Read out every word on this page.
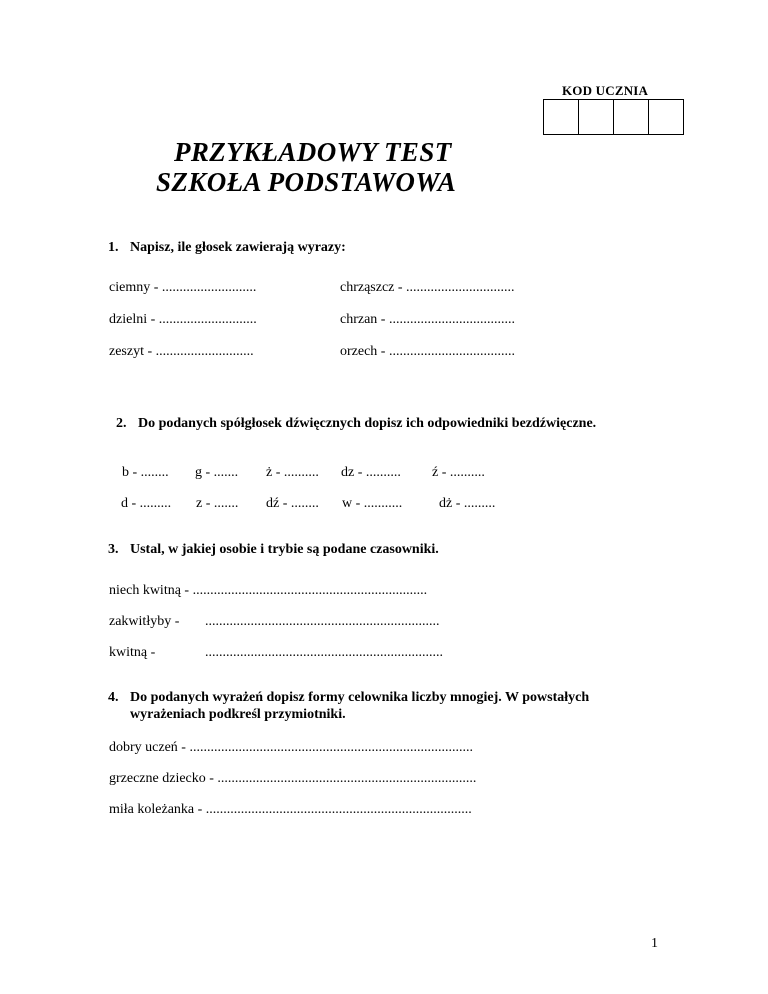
KOD UCZNIA
PRZYKŁADOWY TEST
SZKOŁA PODSTAWOWA
1. Napisz, ile głosek zawierają wyrazy:
ciemny - ...........................	chrząszcz - ...............................
dzielni - ............................	chrzan - ....................................
zeszyt - ............................	orzech - ....................................
2. Do podanych spółgłosek dźwięcznych dopisz ich odpowiedniki bezdźwięczne.
b - ........ g - ....... ż - .......... dz - .......... ź - ..........
d - ......... z - ....... dź - ........ w - ...........	dż - .........
3. Ustal, w jakiej osobie i trybie są podane czasowniki.
niech kwitną - ...................................................................
zakwitłyby - ...................................................................
kwitną -	....................................................................
4. Do podanych wyrażeń dopisz formy celownika liczby mnogiej. W powstałych
wyrażeniach podkreśl przymiotniki.
dobry uczeń - .................................................................................
grzeczne dziecko - ..........................................................................
miła koleżanka - ............................................................................
1
